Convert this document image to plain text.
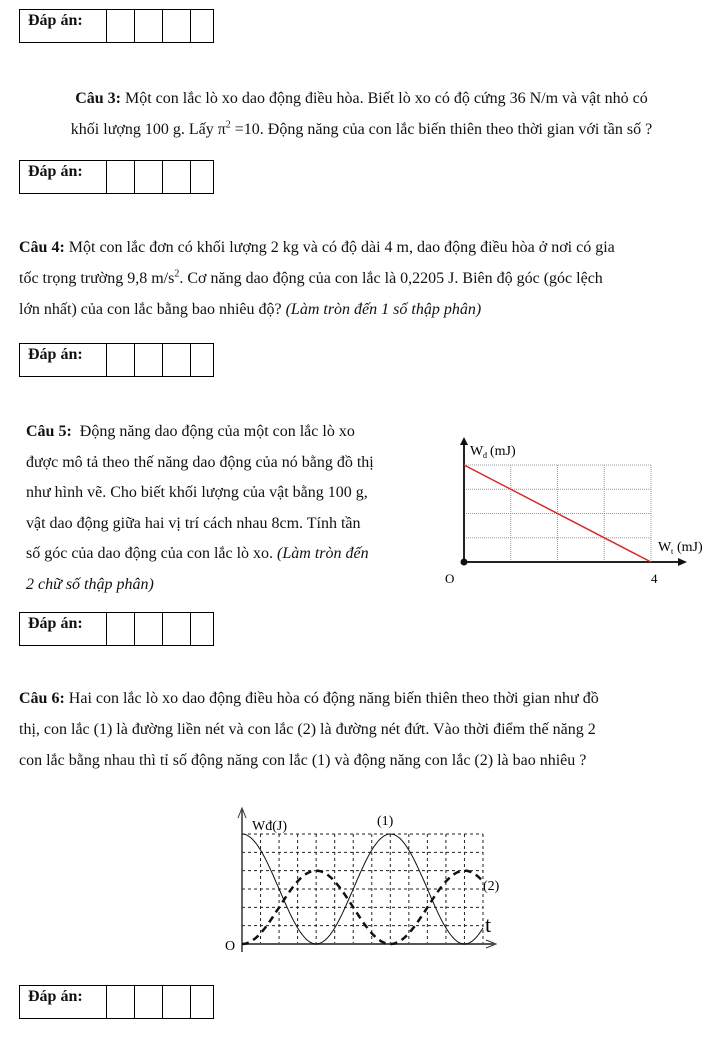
Đáp án:
Câu 3: Một con lắc lò xo dao động điều hòa. Biết lò xo có độ cứng 36 N/m và vật nhỏ có
khối lượng 100 g. Lấy $\pi^2 =10$. Động năng của con lắc biến thiên theo thời gian với tần số ?
Đáp án:
Câu 4: Một con lắc đơn có khối lượng 2 kg và có độ dài 4 m, dao động điều hòa ở nơi có gia
tốc trọng trường 9,8 $m/s^2$. Cơ năng dao động của con lắc là 0,2205 J. Biên độ góc (góc lệch
lớn nhất) của con lắc bằng bao nhiêu độ? (Làm tròn đến 1 số thập phân)
Đáp án:
Câu 5:  Động năng dao động của một con lắc lò xo
được mô tả theo thế năng dao động của nó bằng đồ thị
như hình vẽ. Cho biết khối lượng của vật bằng 100 g,
vật dao động giữa hai vị trí cách nhau 8cm. Tính tần
số góc của dao động của con lắc lò xo. (Làm tròn đến
2 chữ số thập phân)
W đ (mJ)
W t (mJ)
O	4
Đáp án:
Câu 6: Hai con lắc lò xo dao động điều hòa có động năng biến thiên theo thời gian như đồ
thị, con lắc (1) là đường liền nét và con lắc (2) là đường nét đứt. Vào thời điểm thế năng 2
con lắc bằng nhau thì tỉ số động năng con lắc (1) và động năng con lắc (2) là bao nhiêu ?
Wđ(J)
t
O
(1)
(2)
Đáp án:
